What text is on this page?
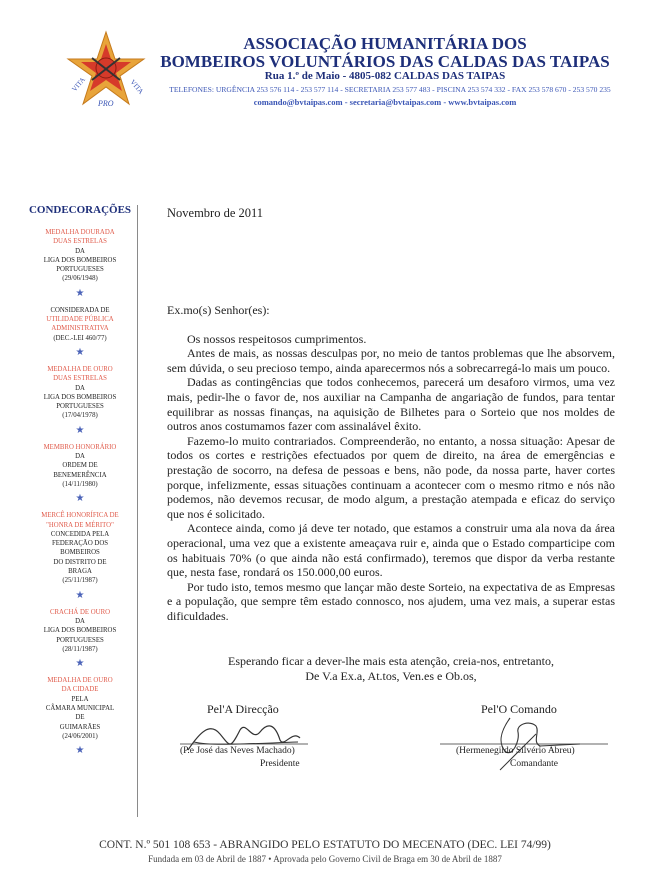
VITA	VITA
PRO
ASSOCIAÇÃO HUMANITÁRIA DOS
BOMBEIROS VOLUNTÁRIOS DAS CALDAS DAS TAIPAS
Rua 1.º de Maio - 4805-082 CALDAS DAS TAIPAS
TELEFONES: URGÊNCIA 253 576 114 - 253 577 114 - SECRETARIA 253 577 483 - PISCINA 253 574 332 - FAX 253 578 670 - 253 570 235
comando@bvtaipas.com - secretaria@bvtaipas.com - www.bvtaipas.com
CONDECORAÇÕES
MEDALHA DOURADA
DUAS ESTRELAS
DA
LIGA DOS BOMBEIROS
PORTUGUESES
(29/06/1948)
★
CONSIDERADA DE
UTILIDADE PÚBLICA
ADMINISTRATIVA
(DEC.-LEI 460/77)
★
MEDALHA DE OURO
DUAS ESTRELAS
DA
LIGA DOS BOMBEIROS
PORTUGUESES
(17/04/1978)
★
MEMBRO HONORÁRIO
DA
ORDEM DE
BENEMERÊNCIA
(14/11/1980)
★
MERCÊ HONORÍFICA DE
"HONRA DE MÉRITO"
CONCEDIDA PELA
FEDERAÇÃO DOS
BOMBEIROS
DO DISTRITO DE
BRAGA
(25/11/1987)
★
CRACHÁ DE OURO
DA
LIGA DOS BOMBEIROS
PORTUGUESES
(28/11/1987)
★
MEDALHA DE OURO
DA CIDADE
PELA
CÂMARA MUNICIPAL
DE
GUIMARÃES
(24/06/2001)
★
Novembro de 2011

Ex.mo(s) Senhor(es):

Os nossos respeitosos cumprimentos.

Antes de mais, as nossas desculpas por, no meio de tantos problemas que lhe absorvem, sem dúvida, o seu precioso tempo, ainda aparecermos nós a sobrecarregá-lo mais um pouco.

Dadas as contingências que todos conhecemos, parecerá um desaforo virmos, uma vez mais, pedir-lhe o favor de, nos auxiliar na Campanha de angariação de fundos, para tentar equilibrar as nossas finanças, na aquisição de Bilhetes para o Sorteio que nos moldes de outros anos costumamos fazer com assinalável êxito.

Fazemo-lo muito contrariados. Compreenderão, no entanto, a nossa situação: Apesar de todos os cortes e restrições efectuados por quem de direito, na área de emergências e prestação de socorro, na defesa de pessoas e bens, não pode, da nossa parte, haver cortes porque, infelizmente, essas situações continuam a acontecer com o mesmo ritmo e nós não podemos, não devemos recusar, de modo algum, a prestação atempada e eficaz do serviço que nos é solicitado.

Acontece ainda, como já deve ter notado, que estamos a construir uma ala nova da área operacional, uma vez que a existente ameaçava ruir e, ainda que o Estado comparticipe com os habituais 70% (o que ainda não está confirmado), teremos que dispor da verba restante que, nesta fase, rondará os 150.000,00 euros.

Por tudo isto, temos mesmo que lançar mão deste Sorteio, na expectativa de as Empresas e a população, que sempre têm estado connosco, nos ajudem, uma vez mais, a superar estas dificuldades.

Esperando ficar a dever-lhe mais esta atenção, creia-nos, entretanto,
De V.a Ex.a, At.tos, Ven.es e Ob.os,
Pel'A Direcção	Pel'O Comando
(P.e José das Neves Machado)
Presidente
(Hermenegildo Silvério Abreu)
Comandante
CONT. N.º 501 108 653 - ABRANGIDO PELO ESTATUTO DO MECENATO (DEC. LEI 74/99)
Fundada em 03 de Abril de 1887 • Aprovada pelo Governo Civil de Braga em 30 de Abril de 1887
